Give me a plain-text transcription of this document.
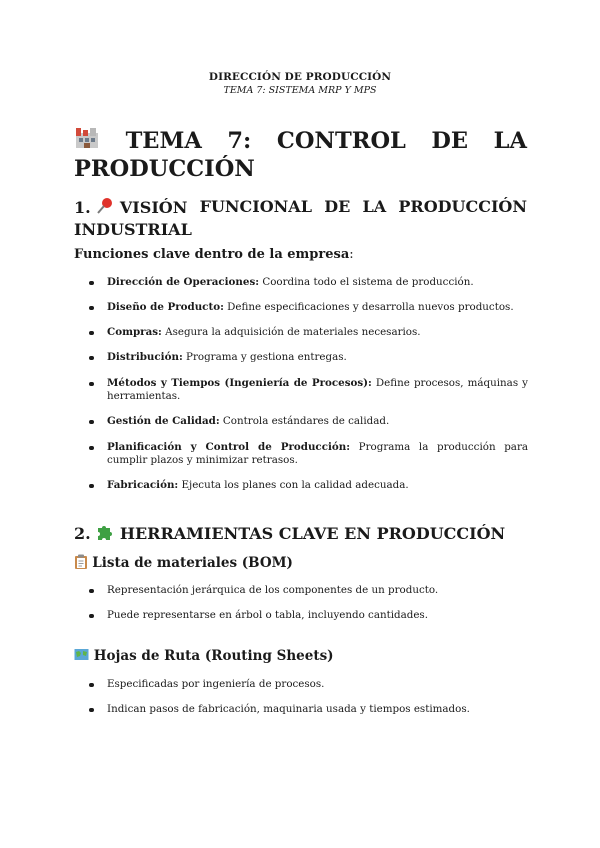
DIRECCIÓN DE PRODUCCIÓN
TEMA 7: SISTEMA MRP Y MPS
TEMA 7: CONTROL DE LA
PRODUCCIÓN
1. VISIÓN FUNCIONAL DE LA PRODUCCIÓN
INDUSTRIAL
Funciones clave dentro de la empresa:
Dirección de Operaciones: Coordina todo el sistema de producción.
Diseño de Producto: Define especificaciones y desarrolla nuevos productos.
Compras: Asegura la adquisición de materiales necesarios.
Distribución: Programa y gestiona entregas.
Métodos y Tiempos (Ingeniería de Procesos): Define procesos, máquinas y herramientas.
Gestión de Calidad: Controla estándares de calidad.
Planificación y Control de Producción: Programa la producción para cumplir plazos y minimizar retrasos.
Fabricación: Ejecuta los planes con la calidad adecuada.
2. HERRAMIENTAS CLAVE EN PRODUCCIÓN
Lista de materiales (BOM)
Representación jerárquica de los componentes de un producto.
Puede representarse en árbol o tabla, incluyendo cantidades.
Hojas de Ruta (Routing Sheets)
Especificadas por ingeniería de procesos.
Indican pasos de fabricación, maquinaria usada y tiempos estimados.
